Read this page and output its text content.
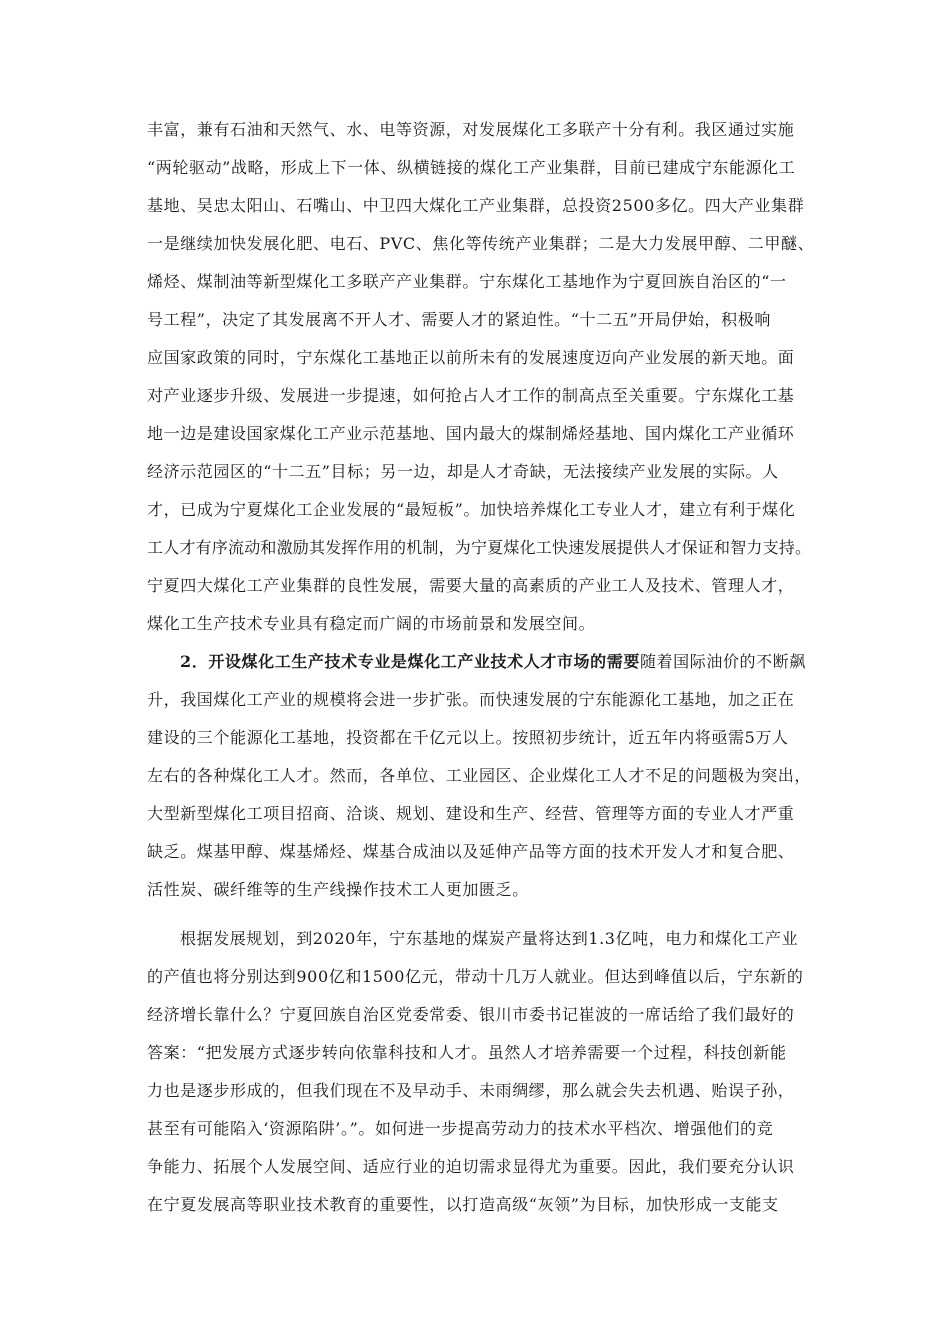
丰富，兼有石油和天然气、水、电等资源，对发展煤化工多联产十分有利。我区通过实施
“两轮驱动”战略，形成上下一体、纵横链接的煤化工产业集群，目前已建成宁东能源化工
基地、吴忠太阳山、石嘴山、中卫四大煤化工产业集群，总投资2500多亿。四大产业集群
一是继续加快发展化肥、电石、PVC、焦化等传统产业集群；二是大力发展甲醇、二甲醚、
烯烃、煤制油等新型煤化工多联产产业集群。宁东煤化工基地作为宁夏回族自治区的“一
号工程”，决定了其发展离不开人才、需要人才的紧迫性。“十二五”开局伊始，积极响
应国家政策的同时，宁东煤化工基地正以前所未有的发展速度迈向产业发展的新天地。面
对产业逐步升级、发展进一步提速，如何抢占人才工作的制高点至关重要。宁东煤化工基
地一边是建设国家煤化工产业示范基地、国内最大的煤制烯烃基地、国内煤化工产业循环
经济示范园区的“十二五”目标；另一边，却是人才奇缺，无法接续产业发展的实际。人
才，已成为宁夏煤化工企业发展的“最短板”。加快培养煤化工专业人才，建立有利于煤化
工人才有序流动和激励其发挥作用的机制，为宁夏煤化工快速发展提供人才保证和智力支持。
宁夏四大煤化工产业集群的良性发展，需要大量的高素质的产业工人及技术、管理人才，
煤化工生产技术专业具有稳定而广阔的市场前景和发展空间。
2．开设煤化工生产技术专业是煤化工产业技术人才市场的需要随着国际油价的不断飙
升，我国煤化工产业的规模将会进一步扩张。而快速发展的宁东能源化工基地，加之正在
建设的三个能源化工基地，投资都在千亿元以上。按照初步统计，近五年内将亟需5万人
左右的各种煤化工人才。然而，各单位、工业园区、企业煤化工人才不足的问题极为突出，
大型新型煤化工项目招商、洽谈、规划、建设和生产、经营、管理等方面的专业人才严重
缺乏。煤基甲醇、煤基烯烃、煤基合成油以及延伸产品等方面的技术开发人才和复合肥、
活性炭、碳纤维等的生产线操作技术工人更加匮乏。
根据发展规划，到2020年，宁东基地的煤炭产量将达到1.3亿吨，电力和煤化工产业
的产值也将分别达到900亿和1500亿元，带动十几万人就业。但达到峰值以后，宁东新的
经济增长靠什么？宁夏回族自治区党委常委、银川市委书记崔波的一席话给了我们最好的
答案：“把发展方式逐步转向依靠科技和人才。虽然人才培养需要一个过程，科技创新能
力也是逐步形成的，但我们现在不及早动手、未雨绸缪，那么就会失去机遇、贻误子孙，
甚至有可能陷入‘资源陷阱’。”。如何进一步提高劳动力的技术水平档次、增强他们的竞
争能力、拓展个人发展空间、适应行业的迫切需求显得尤为重要。因此，我们要充分认识
在宁夏发展高等职业技术教育的重要性，以打造高级“灰领”为目标，加快形成一支能支
